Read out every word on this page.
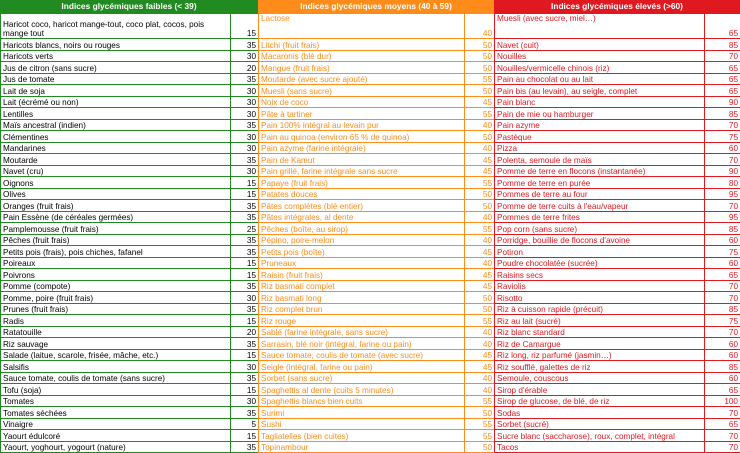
Indices glycémiques faibles (< 39)
Haricot coco, haricot mange-tout, coco plat, cocos, pois mange tout	15
Haricots blancs, noirs ou rouges	35
Haricots verts	30
Jus de citron (sans sucre)	20
Jus de tomate	35
Lait de soja	30
Lait (écrémé ou non)	30
Lentilles	30
Maïs ancestral (indien)	35
Clémentines	30
Mandarines	30
Moutarde	35
Navet (cru)	30
Oignons	15
Olives	15
Oranges (fruit frais)	35
Pain Essène (de céréales germées)	35
Pamplemousse (fruit frais)	25
Pêches (fruit frais)	35
Petits pois (frais), pois chiches, fafanel	35
Poireaux	15
Poivrons	15
Pomme (compote)	35
Pomme, poire (fruit frais)	30
Prunes (fruit frais)	35
Radis	15
Ratatouille	20
Riz sauvage	35
Salade (laitue, scarole, frisée, mâche, etc.)	15
Salsifis	30
Sauce tomate, coulis de tomate (sans sucre)	35
Tofu (soja)	15
Tomates	30
Tomates séchées	35
Vinaigre	5
Yaourt édulcoré	15
Yaourt, yoghourt, yogourt (nature)	35
Indices glycémiques moyens (40 à 59)
Lactose	40
Litchi (fruit frais)	50
Macaronis (blé dur)	50
Mangue (fruit frais)	50
Moutarde (avec sucre ajouté)	55
Muesli (sans sucre)	50
Noix de coco	45
Pâte à tartiner	55
Pain 100% intégral au levain pur	40
Pain au quinoa (environ 65 % de quinoa)	50
Pain azyme (farine intégrale)	40
Pain de Kamut	45
Pain grillé, farine intégrale sans sucre	45
Papaye (fruit frais)	55
Patates douces	50
Pâtes complètes (blé entier)	50
Pâtes intégrales, al dente	40
Pêches (boîte, au sirop)	55
Pépino, poire-melon	40
Petits pois (boîte)	45
Pruneaux	40
Raisin (fruit frais)	45
Riz basmati complet	45
Riz basmati long	50
Riz complet brun	50
Riz rouge	55
Sablé (farine intégrale, sans sucre)	40
Sarrasin, blé noir (intégral, farine ou pain)	40
Sauce tomate, coulis de tomate (avec sucre)	45
Seigle (intégral, farine ou pain)	45
Sorbet (sans sucre)	40
Spaghettis al dente (cuits 5 minutes)	40
Spaghettis blancs bien cuits	55
Surimi	50
Sushi	55
Tagliatelles (bien cuites)	55
Topinambour	50
Indices glycémiques élevés (>60)
Muesli (avec sucre, miel…)	65
Navet (cuit)	85
Nouilles	70
Nouilles/vermicelle chinois (riz)	65
Pain au chocolat ou au lait	65
Pain bis (au levain), au seigle, complet	65
Pain blanc	90
Pain de mie ou hamburger	85
Pain azyme	70
Pastèque	75
Pizza	60
Polenta, semoule de maïs	70
Pomme de terre en flocons (instantanée)	90
Pomme de terre en purée	80
Pommes de terre au four	95
Pomme de terre cuits à l'eau/vapeur	70
Pommes de terre frites	95
Pop corn (sans sucre)	85
Porridge, bouillie de flocons d'avoine	60
Potiron	75
Poudre chocolatée (sucrée)	60
Raisins secs	65
Raviolis	70
Risotto	70
Riz à cuisson rapide (précuit)	85
Riz au lait (sucré)	75
Riz blanc standard	70
Riz de Camargue	60
Riz long, riz parfumé (jasmin…)	60
Riz soufflé, galettes de riz	85
Semoule, couscous	60
Sirop d'érable	65
Sirop de glucose, de blé, de riz	100
Sodas	70
Sorbet (sucré)	65
Sucre blanc (saccharose), roux, complet, intégral	70
Tacos	70
